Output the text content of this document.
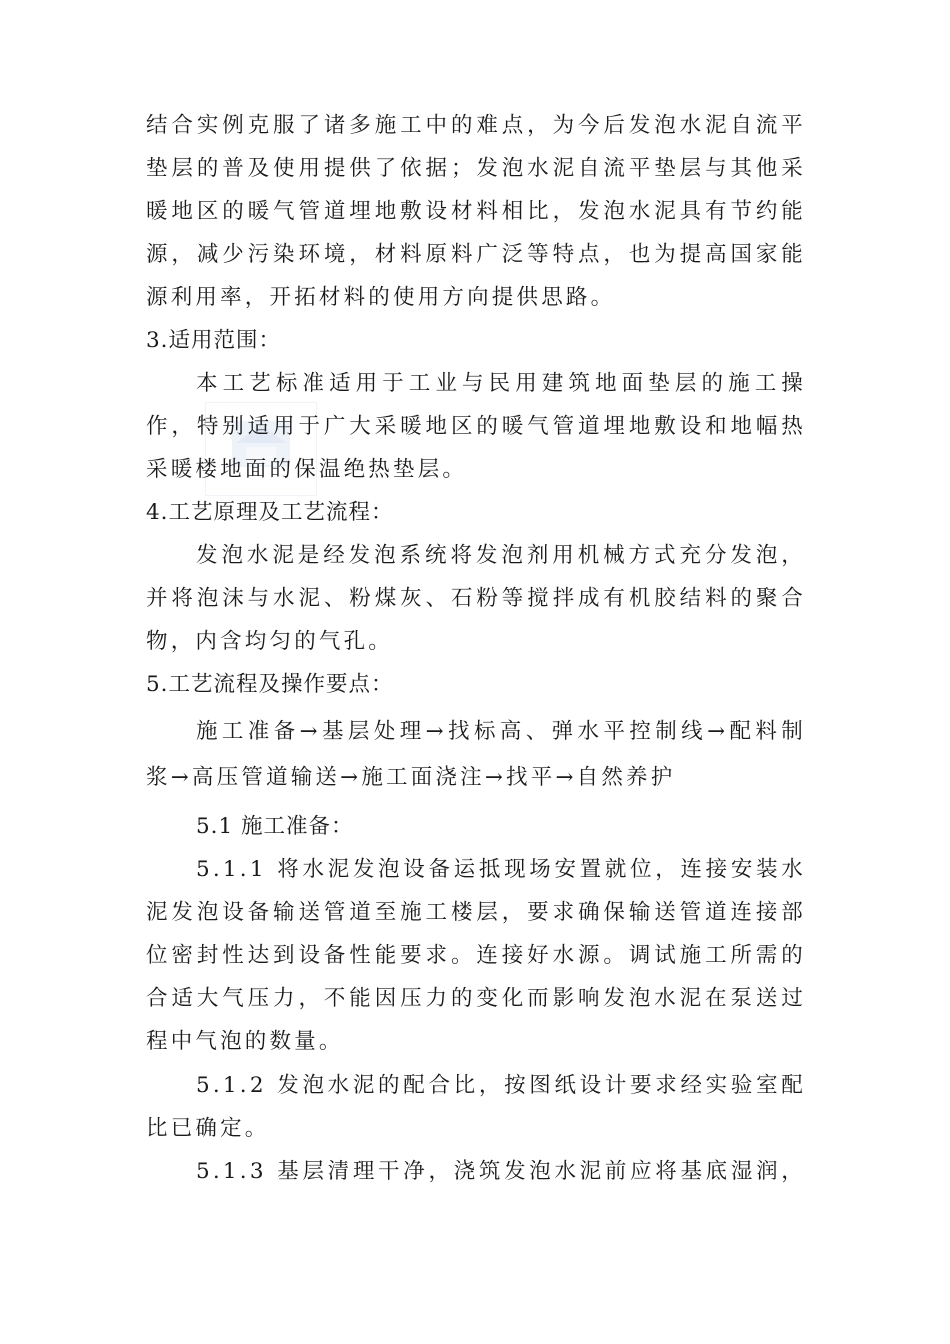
结合实例克服了诸多施工中的难点，为今后发泡水泥自流平
垫层的普及使用提供了依据；发泡水泥自流平垫层与其他采
暖地区的暖气管道埋地敷设材料相比，发泡水泥具有节约能
源，减少污染环境，材料原料广泛等特点，也为提高国家能
源利用率，开拓材料的使用方向提供思路。
3.适用范围：
本工艺标准适用于工业与民用建筑地面垫层的施工操
作，特别适用于广大采暖地区的暖气管道埋地敷设和地幅热
采暖楼地面的保温绝热垫层。
4.工艺原理及工艺流程：
发泡水泥是经发泡系统将发泡剂用机械方式充分发泡，
并将泡沫与水泥、粉煤灰、石粉等搅拌成有机胶结料的聚合
物，内含均匀的气孔。
5.工艺流程及操作要点：
施工准备→基层处理→找标高、弹水平控制线→配料制
浆→高压管道输送→施工面浇注→找平→自然养护
5.1 施工准备：
5.1.1 将水泥发泡设备运抵现场安置就位，连接安装水
泥发泡设备输送管道至施工楼层，要求确保输送管道连接部
位密封性达到设备性能要求。连接好水源。调试施工所需的
合适大气压力，不能因压力的变化而影响发泡水泥在泵送过
程中气泡的数量。
5.1.2 发泡水泥的配合比，按图纸设计要求经实验室配
比已确定。
5.1.3 基层清理干净，浇筑发泡水泥前应将基底湿润，
